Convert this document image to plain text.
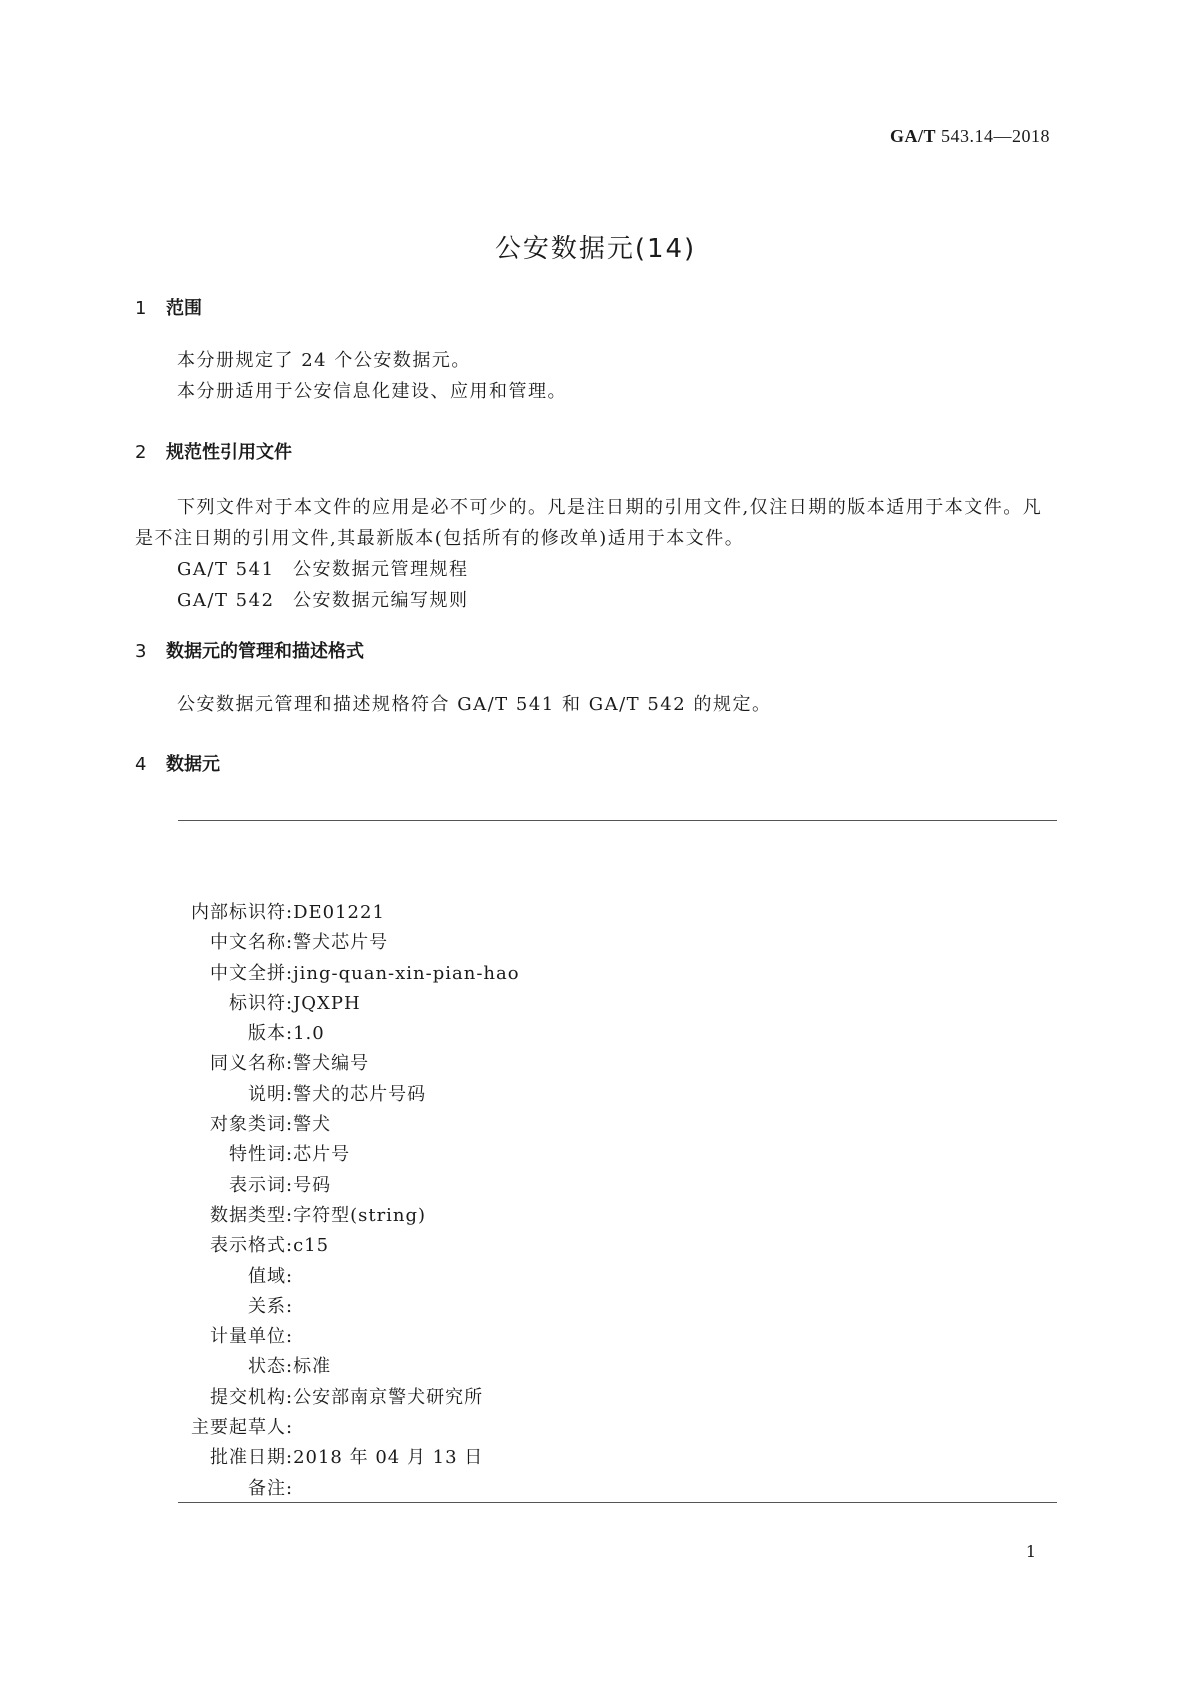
GA/T 543.14—2018
公安数据元(14)
1 范围

本分册规定了 24 个公安数据元。

本分册适用于公安信息化建设、应用和管理。

2 规范性引用文件

下列文件对于本文件的应用是必不可少的。凡是注日期的引用文件,仅注日期的版本适用于本文件。凡是不注日期的引用文件,其最新版本(包括所有的修改单)适用于本文件。

GA/T 541 公安数据元管理规程
GA/T 542 公安数据元编写规则
3 数据元的管理和描述格式

公安数据元管理和描述规格符合 GA/T 541 和 GA/T 542 的规定。

4 数据元
内部标识符:DE01221
中文名称:警犬芯片号
中文全拼:jing-quan-xin-pian-hao
标识符:JQXPH
版本:1.0
同义名称:警犬编号
说明:警犬的芯片号码
对象类词:警犬
特性词:芯片号
表示词:号码
数据类型:字符型(string)
表示格式:c15
值域:
关系:
计量单位:
状态:标准
提交机构:公安部南京警犬研究所
主要起草人:
批准日期:2018 年 04 月 13 日
备注:
1
